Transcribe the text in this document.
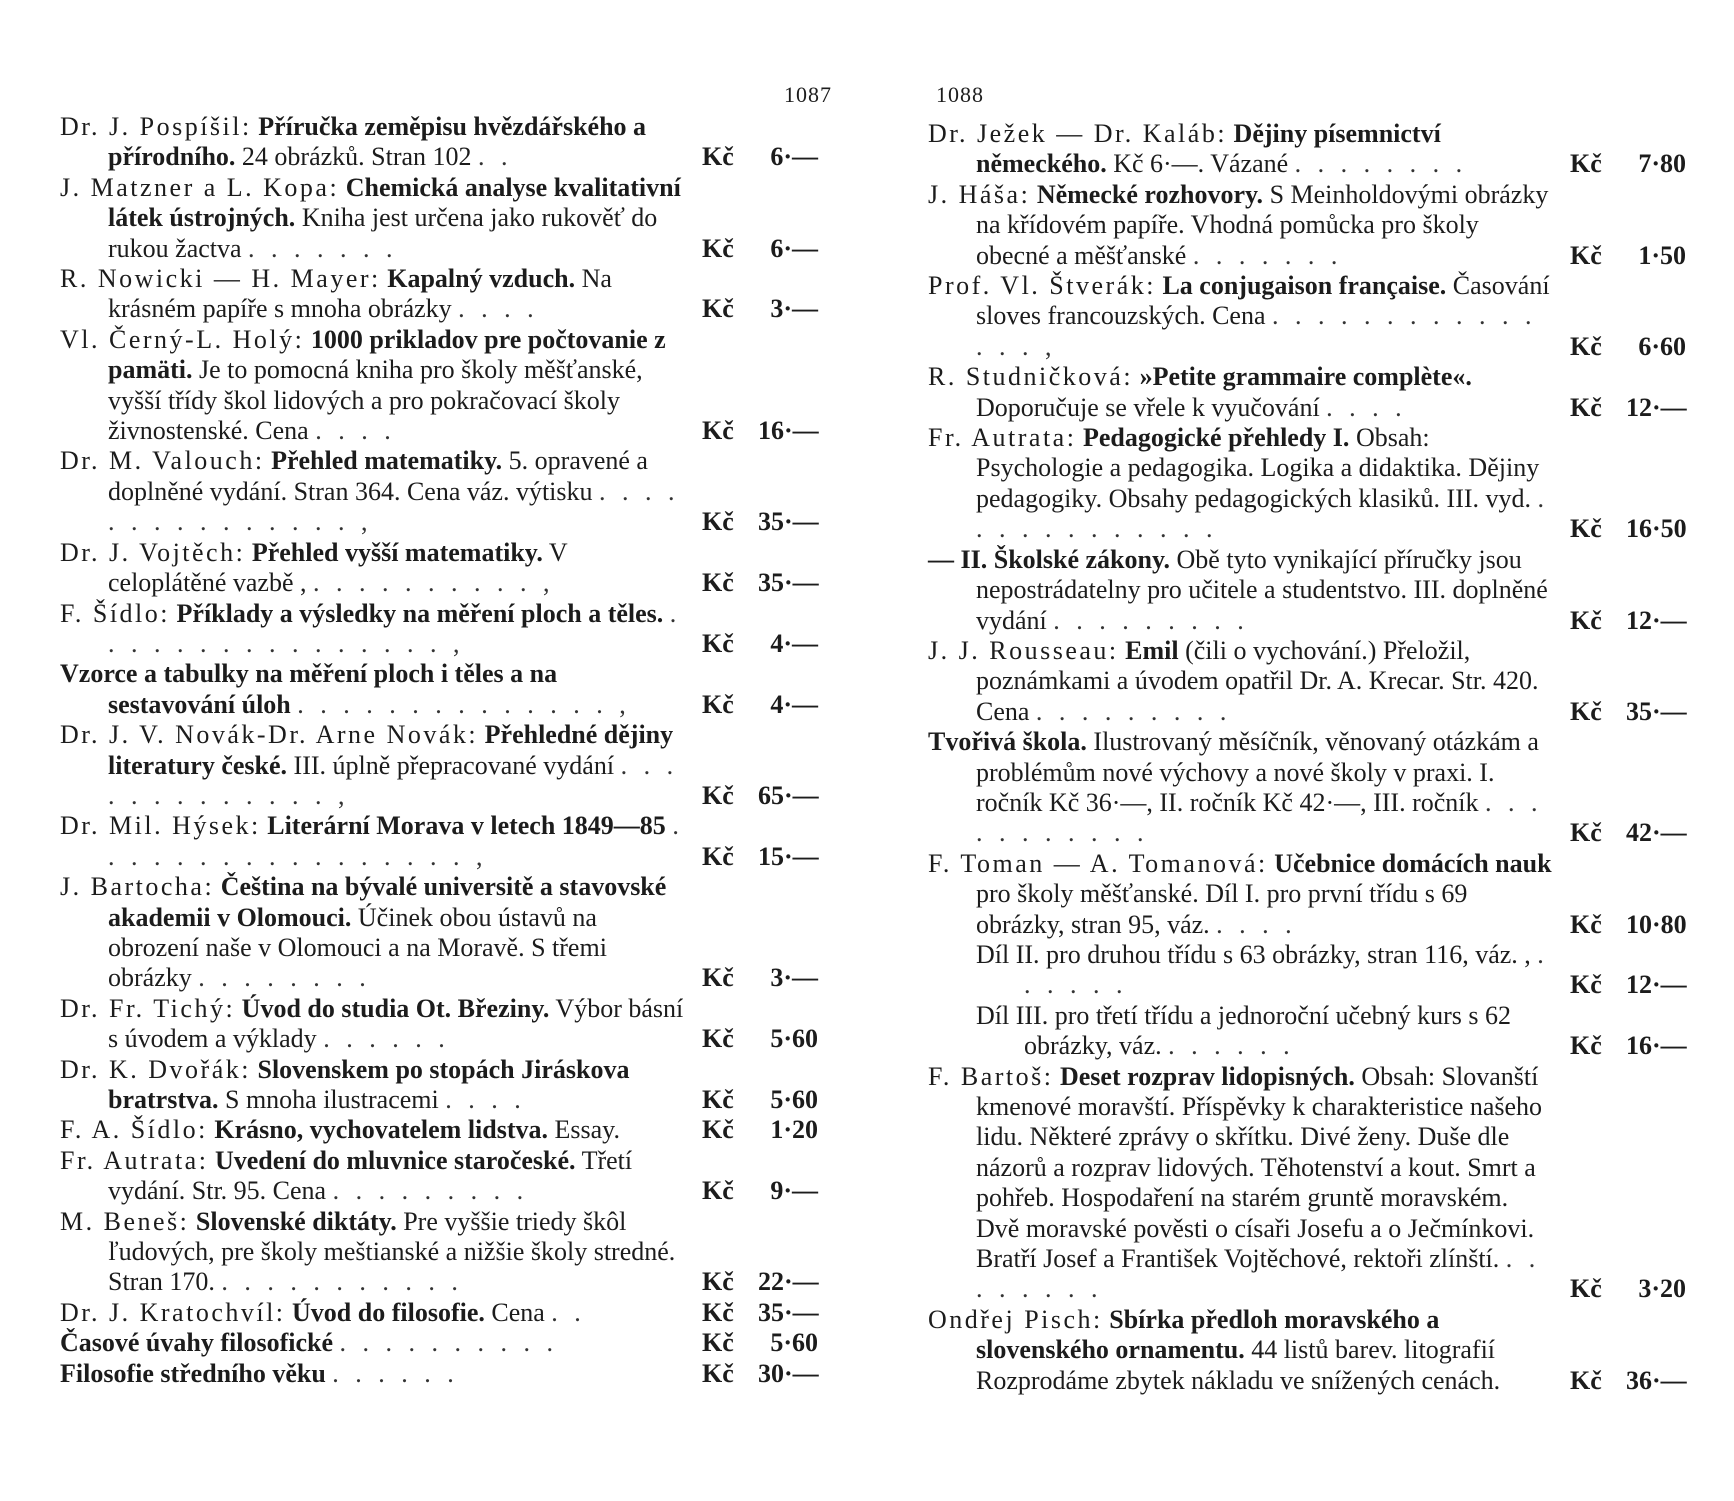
1087

Dr. J. Pospíšil: Příručka zeměpisu hvězdářského a přírodního. 24 obrázků. Stran 102 . .	Kč 6·—

J. Matzner a L. Kopa: Chemická analyse kvalitativní látek ústrojných. Kniha jest určena jako rukověť do rukou žactva . . . . . . .	Kč 6·—

R. Nowicki — H. Mayer: Kapalný vzduch. Na krásném papíře s mnoha obrázky . . . .	Kč 3·—

Vl. Černý-L. Holý: 1000 prikladov pre počtovanie z pamäti. Je to pomocná kniha pro školy měšťanské, vyšší třídy škol lidových a pro pokračovací školy živnostenské. Cena . . . .	Kč 16·—

Dr. M. Valouch: Přehled matematiky. 5. opravené a doplněné vydání. Stran 364. Cena váz. výtisku . . . . . . . . . . . . . . . ,	Kč 35·—

Dr. J. Vojtěch: Přehled vyšší matematiky. V celoplátěné vazbě , . . . . . . . . . . ,	Kč 35·—

F. Šídlo: Příklady a výsledky na měření ploch a těles. . . . . . . . . . . . . . . . . ,	Kč 4·—

Vzorce a tabulky na měření ploch i těles a na sestavování úloh . . . . . . . . . . . . . . ,	Kč 4·—

Dr. J. V. Novák-Dr. Arne Novák: Přehledné dějiny literatury české. III. úplně přepracované vydání . . . . . . . . . . . . . ,	Kč 65·—

Dr. Mil. Hýsek: Literární Morava v letech 1849—85 . . . . . . . . . . . . . . . . . ,	Kč 15·—

J. Bartocha: Čeština na bývalé universitě a stavovské akademii v Olomouci. Účinek obou ústavů na obrození naše v Olomouci a na Moravě. S třemi obrázky . . . . . . . .	Kč 3·—

Dr. Fr. Tichý: Úvod do studia Ot. Březiny. Výbor básní s úvodem a výklady . . . . . .	Kč 5·60

Dr. K. Dvořák: Slovenskem po stopách Jiráskova bratrstva. S mnoha ilustracemi . . . .	Kč 5·60

F. A. Šídlo: Krásno, vychovatelem lidstva. Essay.	Kč 1·20

Fr. Autrata: Uvedení do mluvnice staročeské. Třetí vydání. Str. 95. Cena . . . . . . . . .	Kč 9·—

M. Beneš: Slovenské diktáty. Pre vyššie triedy škôl ľudových, pre školy meštianské a nižšie školy stredné. Stran 170. . . . . . . . . . . .	Kč 22·—

Dr. J. Kratochvíl: Úvod do filosofie. Cena . .	Kč 35·—

Časové úvahy filosofické . . . . . . . . . .	Kč 5·60

Filosofie středního věku . . . . . .	Kč 30·—

1088

Dr. Ježek — Dr. Kaláb: Dějiny písemnictví německého. Kč 6·—. Vázané . . . . . . . .	Kč 7·80

J. Háša: Německé rozhovory. S Meinholdovými obrázky na křídovém papíře. Vhodná pomůcka pro školy obecné a měšťanské . . . . . . .	Kč 1·50

Prof. Vl. Štverák: La conjugaison française. Časování sloves francouzských. Cena . . . . . . . . . . . . . . . ,	Kč 6·60

R. Studničková: »Petite grammaire complète«. Doporučuje se vřele k vyučování . . . .	Kč 12·—

Fr. Autrata: Pedagogické přehledy I. Obsah: Psychologie a pedagogika. Logika a didaktika. Dějiny pedagogiky. Obsahy pedagogických klasiků. III. vyd. . . . . . . . . . . . .	Kč 16·50

— II. Školské zákony. Obě tyto vynikající příručky jsou nepostrádatelny pro učitele a studentstvo. III. doplněné vydání . . . . . . . . .	Kč 12·—

J. J. Rousseau: Emil (čili o vychování.) Přeložil, poznámkami a úvodem opatřil Dr. A. Krecar. Str. 420. Cena . . . . . . . . .	Kč 35·—

Tvořivá škola. Ilustrovaný měsíčník, věnovaný otázkám a problémům nové výchovy a nové školy v praxi. I. ročník Kč 36·—, II. ročník Kč 42·—, III. ročník . . . . . . . . . . .	Kč 42·—

F. Toman — A. Tomanová: Učebnice domácích nauk pro školy měšťanské. Díl I. pro první třídu s 69 obrázky, stran 95, váz. . . . .	Kč 10·80

Díl II. pro druhou třídu s 63 obrázky, stran 116, váz. , . . . . . .	Kč 12·—

Díl III. pro třetí třídu a jednoroční učebný kurs s 62 obrázky, váz. . . . . . .	Kč 16·—

F. Bartoš: Deset rozprav lidopisných. Obsah: Slovanští kmenové moravští. Příspěvky k charakteristice našeho lidu. Některé zprávy o skřítku. Divé ženy. Duše dle názorů a rozprav lidových. Těhotenství a kout. Smrt a pohřeb. Hospodaření na starém gruntě moravském. Dvě moravské pověsti o císaři Josefu a o Ječmínkovi. Bratří Josef a František Vojtěchové, rektoři zlínští. . . . . . . . .	Kč 3·20

Ondřej Pisch: Sbírka předloh moravského a slovenského ornamentu. 44 listů barev. litografií Rozprodáme zbytek nákladu ve snížených cenách.	Kč 36·—
